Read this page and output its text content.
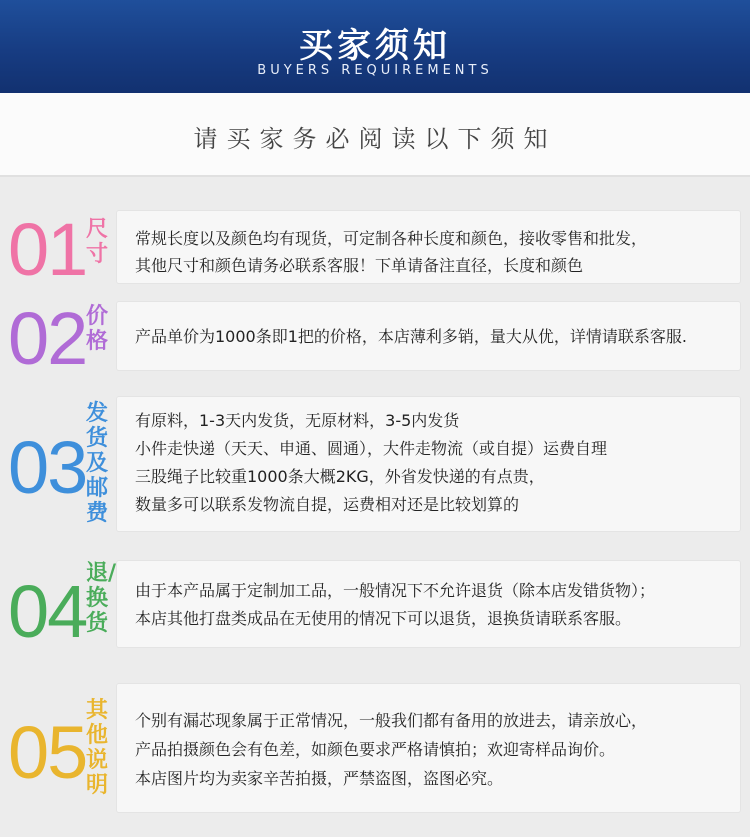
买家须知
BUYERS REQUIREMENTS
请买家务必阅读以下须知
01 尺寸
常规长度以及颜色均有现货，可定制各种长度和颜色，接收零售和批发，
其他尺寸和颜色请务必联系客服！下单请备注直径，长度和颜色
02 价格	产品单价为1000条即1把的价格，本店薄利多销，量大从优，详情请联系客服.
03
发货及邮费
有原料，1-3天内发货，无原材料，3-5内发货
小件走快递（天天、申通、圆通），大件走物流（或自提）运费自理
三股绳子比较重1000条大概2KG，外省发快递的有点贵，
数量多可以联系发物流自提，运费相对还是比较划算的
04 退/换货
由于本产品属于定制加工品，一般情况下不允许退货（除本店发错货物）；
本店其他打盘类成品在无使用的情况下可以退货，退换货请联系客服。
05
其他说明
个别有漏芯现象属于正常情况，一般我们都有备用的放进去，请亲放心，
产品拍摄颜色会有色差，如颜色要求严格请慎拍；欢迎寄样品询价。
本店图片均为卖家辛苦拍摄，严禁盗图，盗图必究。
